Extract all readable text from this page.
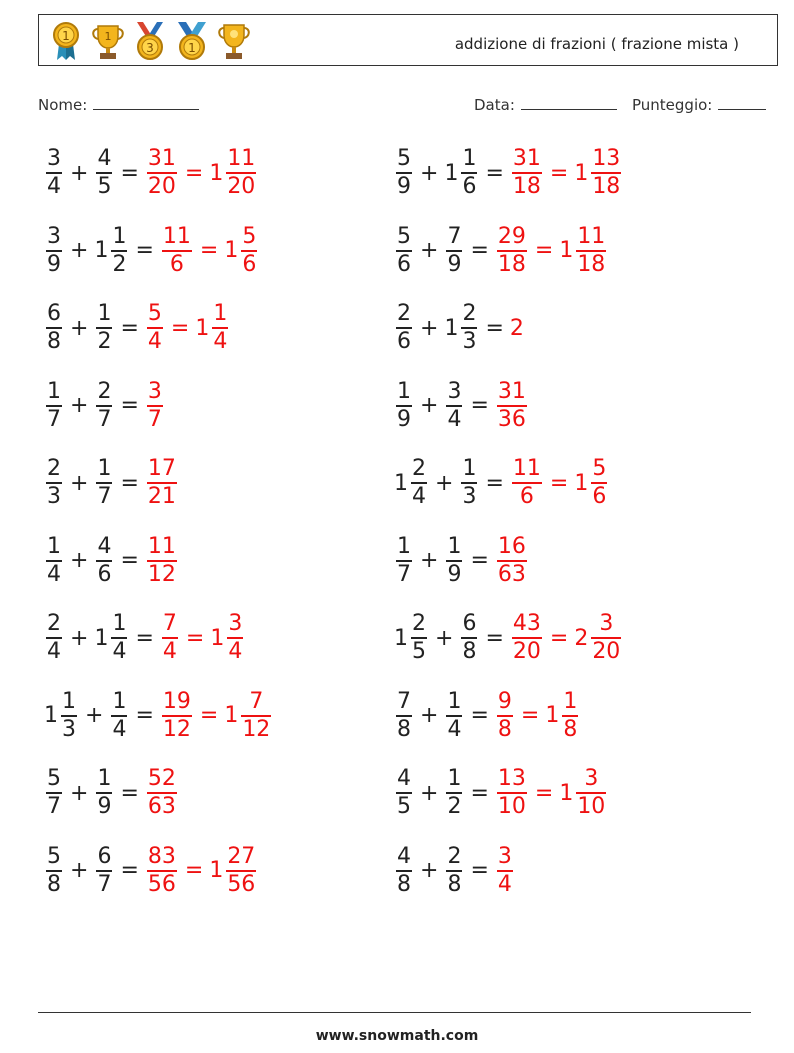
1	1
3	1	addizione di frazioni ( frazione mista )
Nome:	Data:	Punteggio:
$\frac{3}{4} + \frac{4}{5} = \frac{31}{20} = 1 \frac{11}{20}$	$\frac{5}{9} + 1 \frac{1}{6} = \frac{31}{18} = 1 \frac{13}{18}$
$\frac{3}{9} + 1 \frac{1}{2} = \frac{11}{6} = 1 \frac{5}{6}$	$\frac{5}{6} + \frac{7}{9} = \frac{29}{18} = 1 \frac{11}{18}$
$\frac{6}{8} + \frac{1}{2} = \frac{5}{4} = 1 \frac{1}{4}$	$\frac{2}{6} + 1 \frac{2}{3} = 2$
$\frac{1}{7} + \frac{2}{7} = \frac{3}{7}$	$\frac{1}{9} + \frac{3}{4} = \frac{31}{36}$
$\frac{2}{3} + \frac{1}{7} = \frac{17}{21}$	$1 \frac{2}{4} + \frac{1}{3} = \frac{11}{6} = 1 \frac{5}{6}$
$\frac{1}{4} + \frac{4}{6} = \frac{11}{12}$	$\frac{1}{7} + \frac{1}{9} = \frac{16}{63}$
$\frac{2}{4} + 1 \frac{1}{4} = \frac{7}{4} = 1 \frac{3}{4}$	$1 \frac{2}{5} + \frac{6}{8} = \frac{43}{20} = 2 \frac{3}{20}$
$1 \frac{1}{3} + \frac{1}{4} = \frac{19}{12} = 1 \frac{7}{12}$	$\frac{7}{8} + \frac{1}{4} = \frac{9}{8} = 1 \frac{1}{8}$
$\frac{5}{7} + \frac{1}{9} = \frac{52}{63}$	$\frac{4}{5} + \frac{1}{2} = \frac{13}{10} = 1 \frac{3}{10}$
$\frac{5}{8} + \frac{6}{7} = \frac{83}{56} = 1 \frac{27}{56}$	$\frac{4}{8} + \frac{2}{8} = \frac{3}{4}$
www.snowmath.com
